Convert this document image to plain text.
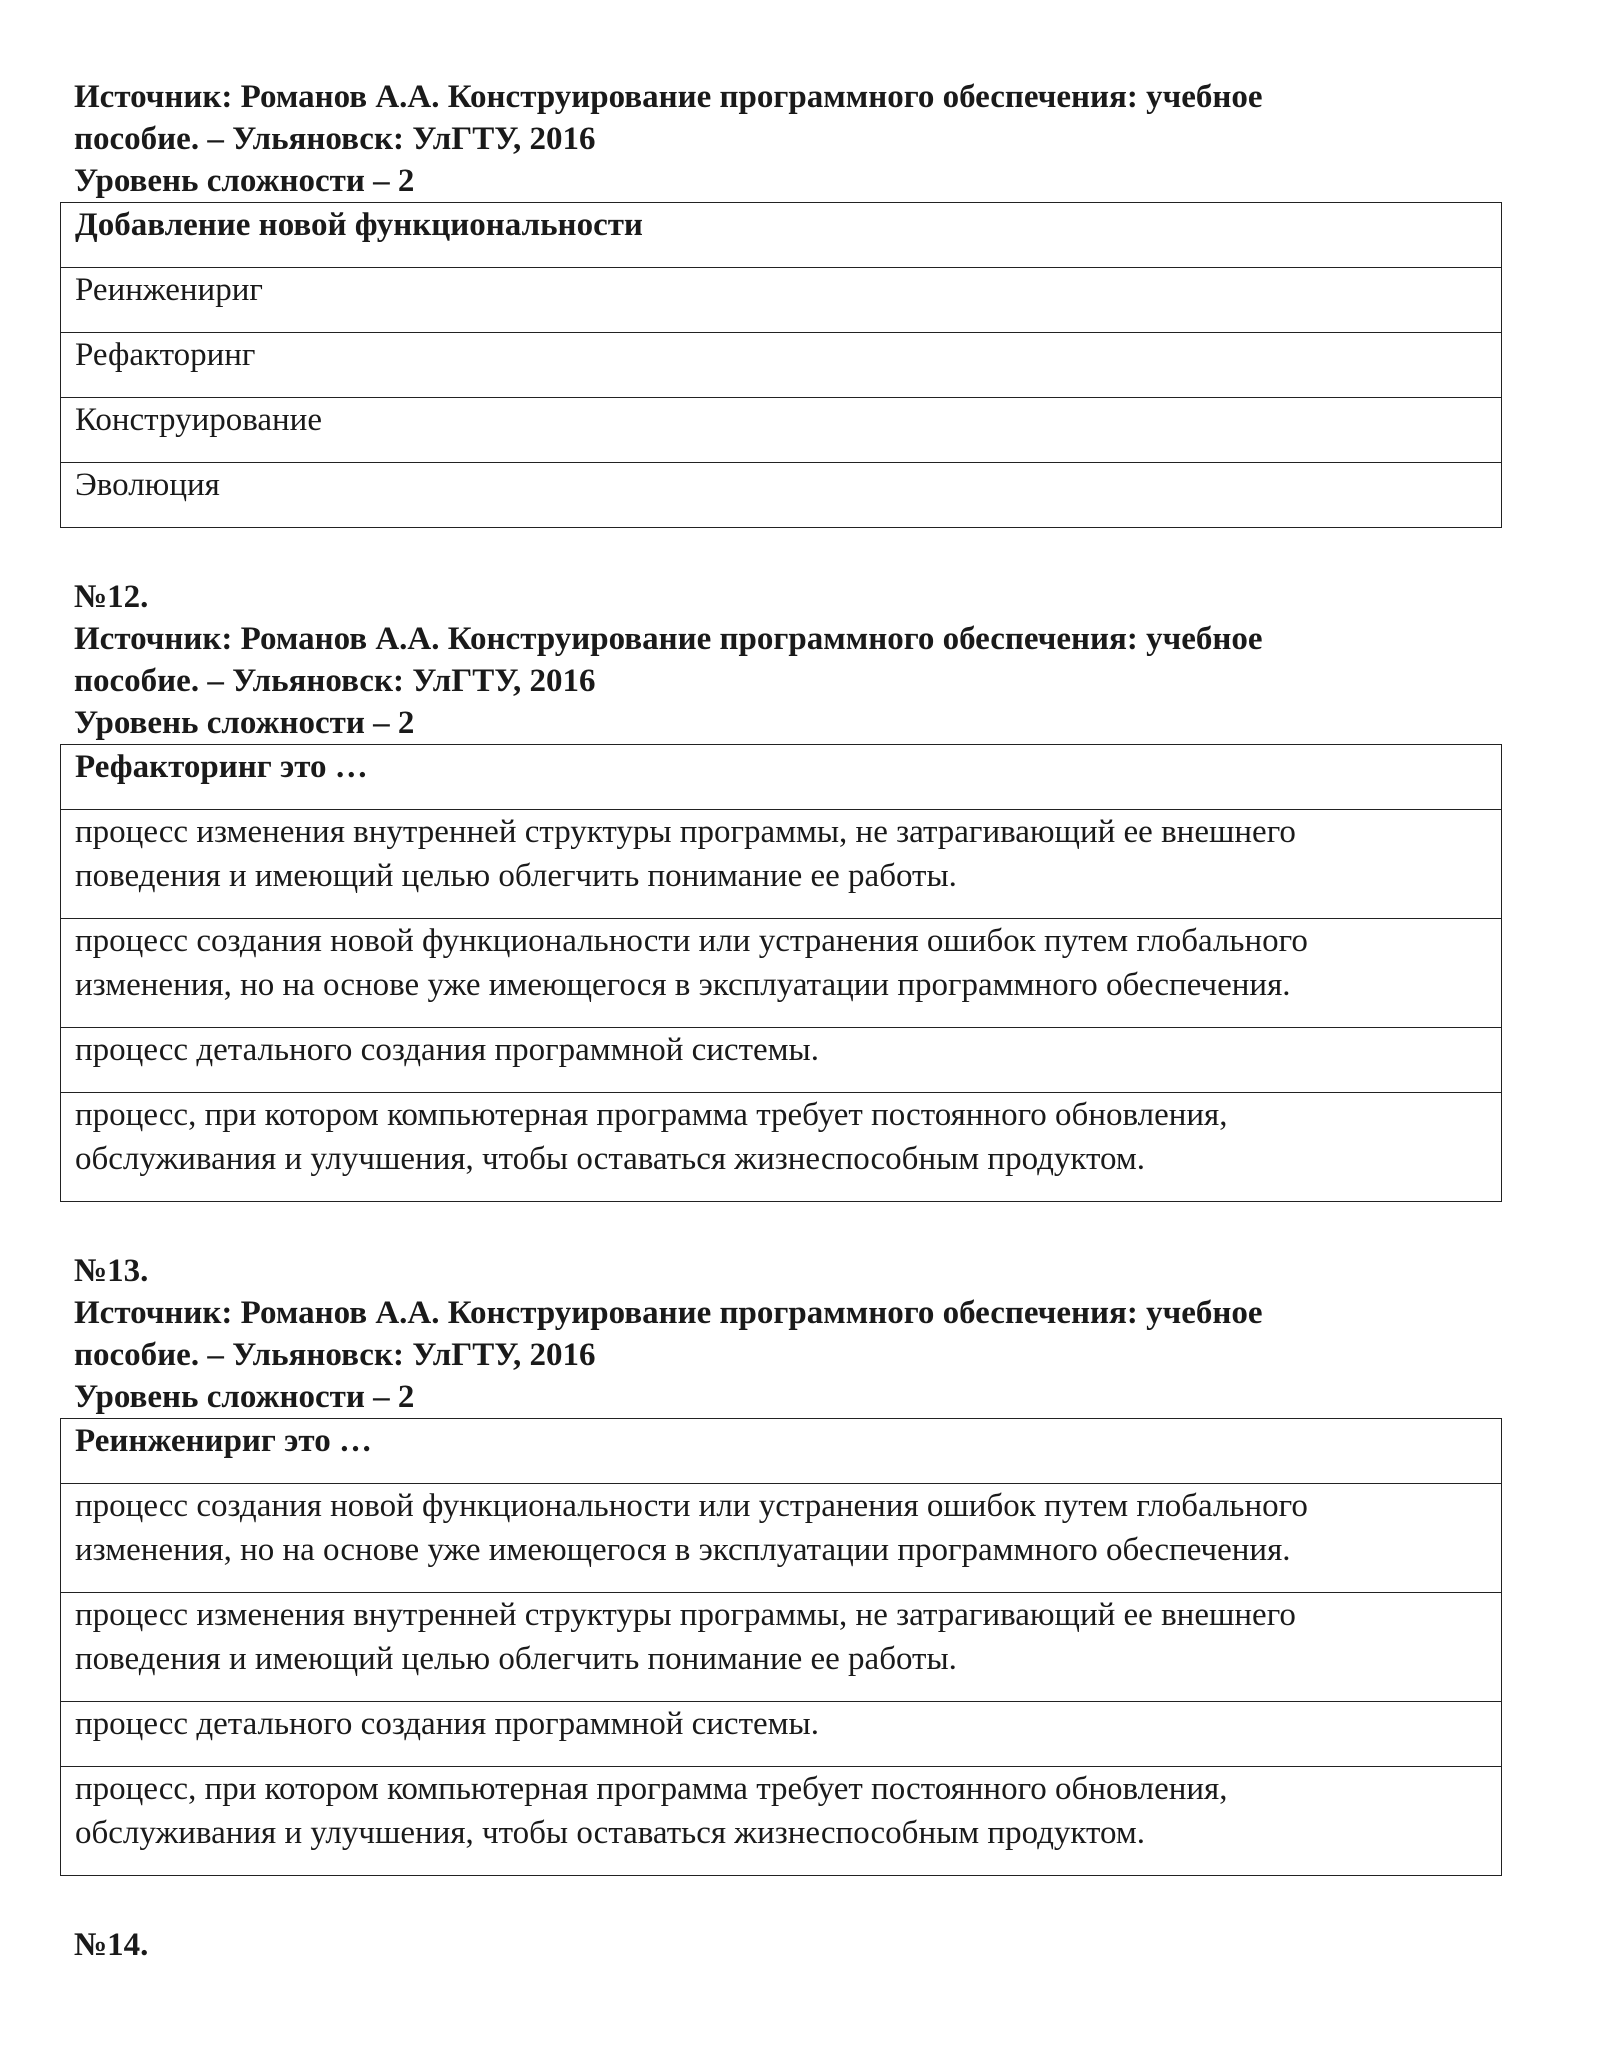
Источник: Романов А.А. Конструирование программного обеспечения: учебное
пособие. – Ульяновск: УлГТУ, 2016
Уровень сложности – 2
Добавление новой функциональности
Реинженириг
Рефакторинг
Конструирование
Эволюция
№12.
Источник: Романов А.А. Конструирование программного обеспечения: учебное
пособие. – Ульяновск: УлГТУ, 2016
Уровень сложности – 2
Рефакторинг это …

процесс изменения внутренней структуры программы, не затрагивающий ее внешнего
поведения и имеющий целью облегчить понимание ее работы.

процесс создания новой функциональности или устранения ошибок путем глобального
изменения, но на основе уже имеющегося в эксплуатации программного обеспечения.

процесс детального создания программной системы.

процесс, при котором компьютерная программа требует постоянного обновления,
обслуживания и улучшения, чтобы оставаться жизнеспособным продуктом.
№13.
Источник: Романов А.А. Конструирование программного обеспечения: учебное
пособие. – Ульяновск: УлГТУ, 2016
Уровень сложности – 2
Реинженириг это …

процесс создания новой функциональности или устранения ошибок путем глобального
изменения, но на основе уже имеющегося в эксплуатации программного обеспечения.

процесс изменения внутренней структуры программы, не затрагивающий ее внешнего
поведения и имеющий целью облегчить понимание ее работы.

процесс детального создания программной системы.

процесс, при котором компьютерная программа требует постоянного обновления,
обслуживания и улучшения, чтобы оставаться жизнеспособным продуктом.
№14.
